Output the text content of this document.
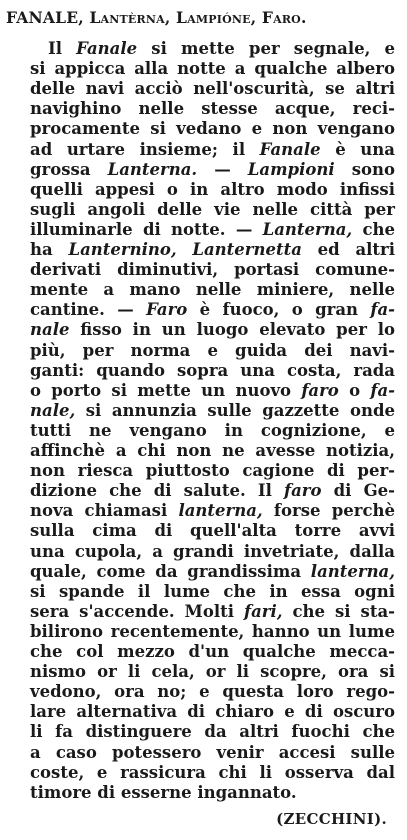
FANALE, Lantèrna, Lampióne, Faro.
Il Fanale si mette per segnale, e
si appicca alla notte a qualche albero
delle navi acciò nell'oscurità, se altri
navighino nelle stesse acque, reci-
procamente si vedano e non vengano
ad urtare insieme; il Fanale è una
grossa Lanterna. — Lampioni sono
quelli appesi o in altro modo infissi
sugli angoli delle vie nelle città per
illuminarle di notte. — Lanterna, che
ha Lanternino, Lanternetta ed altri
derivati diminutivi, portasi comune-
mente a mano nelle miniere, nelle
cantine. — Faro è fuoco, o gran fa-
nale fisso in un luogo elevato per lo
più, per norma e guida dei navi-
ganti: quando sopra una costa, rada
o porto si mette un nuovo faro o fa-
nale, si annunzia sulle gazzette onde
tutti ne vengano in cognizione, e
affinchè a chi non ne avesse notizia,
non riesca piuttosto cagione di per-
dizione che di salute. Il faro di Ge-
nova chiamasi lanterna, forse perchè
sulla cima di quell'alta torre avvi
una cupola, a grandi invetriate, dalla
quale, come da grandissima lanterna,
si spande il lume che in essa ogni
sera s'accende. Molti fari, che si sta-
bilirono recentemente, hanno un lume
che col mezzo d'un qualche mecca-
nismo or li cela, or li scopre, ora si
vedono, ora no; e questa loro rego-
lare alternativa di chiaro e di oscuro
li fa distinguere da altri fuochi che
a caso potessero venir accesi sulle
coste, e rassicura chi li osserva dal
timore di esserne ingannato.
(ZECCHINI).
